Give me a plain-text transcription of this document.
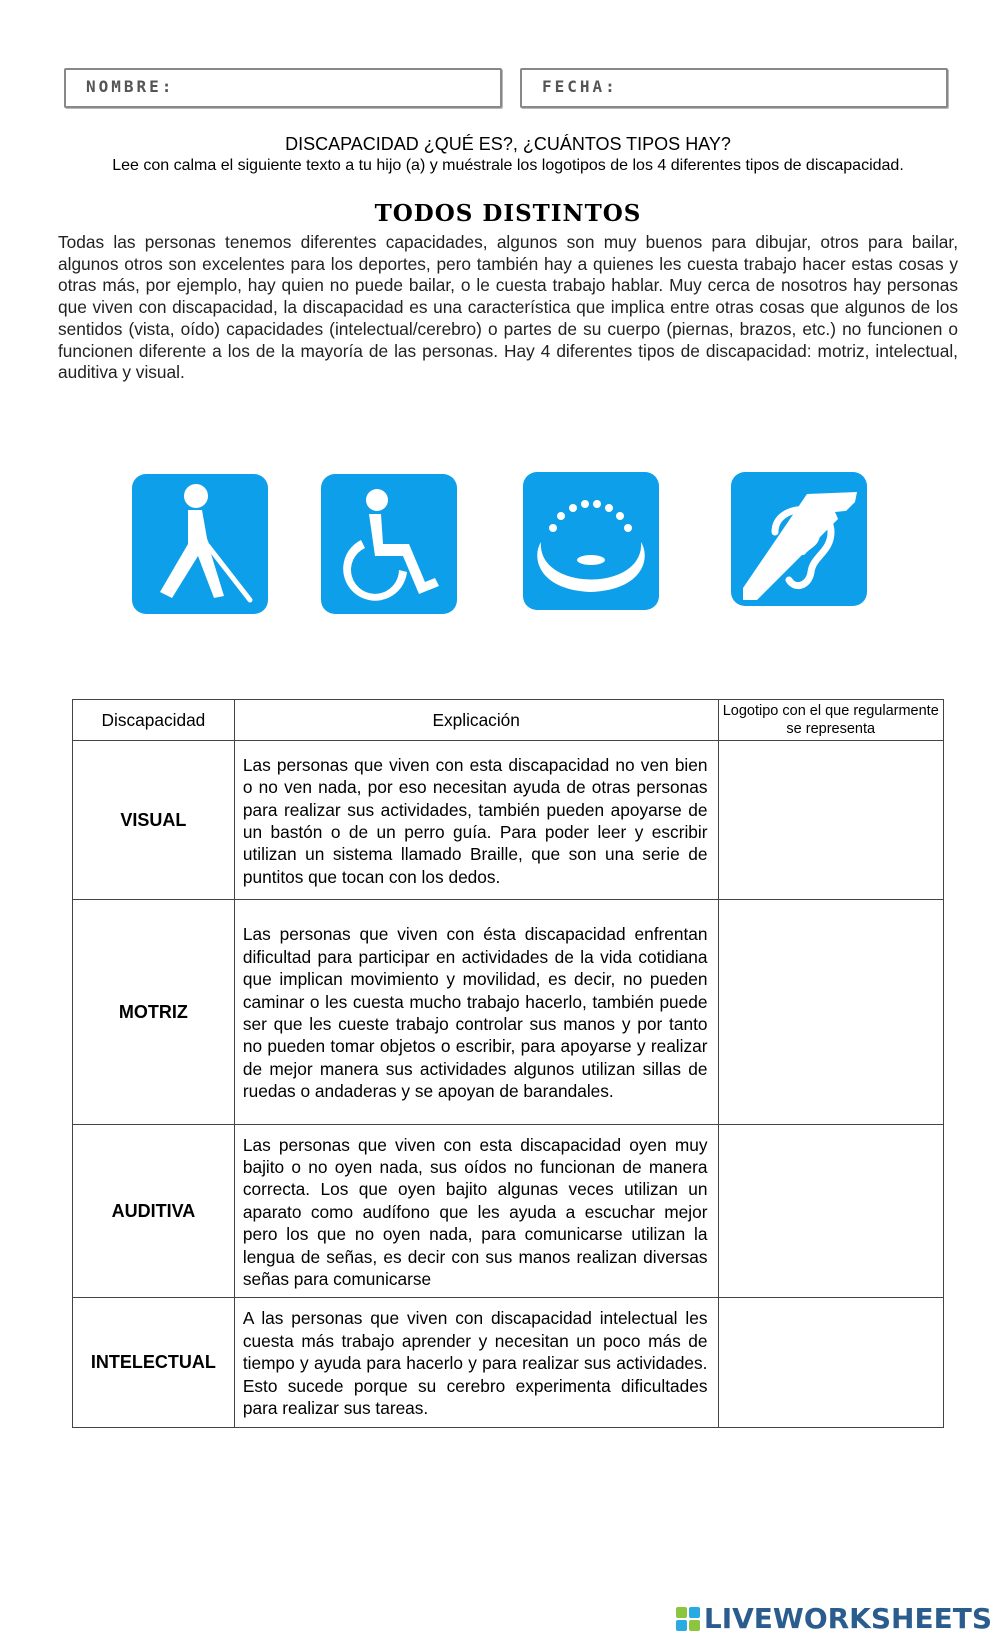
NOMBRE:	FECHA:
DISCAPACIDAD ¿QUÉ ES?, ¿CUÁNTOS TIPOS HAY?
Lee con calma el siguiente texto a tu hijo (a) y muéstrale los logotipos de los 4 diferentes tipos de discapacidad.
TODOS DISTINTOS
Todas las personas tenemos diferentes capacidades, algunos son muy buenos para dibujar, otros para bailar, algunos otros son excelentes para los deportes, pero también hay a quienes les cuesta trabajo hacer estas cosas y otras más, por ejemplo, hay quien no puede bailar, o le cuesta trabajo hablar. Muy cerca de nosotros hay personas que viven con discapacidad, la discapacidad es una característica que implica entre otras cosas que algunos de los sentidos (vista, oído) capacidades (intelectual/cerebro) o partes de su cuerpo (piernas, brazos, etc.) no funcionen o funcionen diferente a los de la mayoría de las personas. Hay 4 diferentes tipos de discapacidad: motriz, intelectual, auditiva y visual.
Discapacidad	Explicación	Logotipo con el que regularmente se representa
VISUAL	Las personas que viven con esta discapacidad no ven bien o no ven nada, por eso necesitan ayuda de otras personas para realizar sus actividades, también pueden apoyarse de un bastón o de un perro guía. Para poder leer y escribir utilizan un sistema llamado Braille, que son una serie de puntitos que tocan con los dedos.	
MOTRIZ	Las personas que viven con ésta discapacidad enfrentan dificultad para participar en actividades de la vida cotidiana que implican movimiento y movilidad, es decir, no pueden caminar o les cuesta mucho trabajo hacerlo, también puede ser que les cueste trabajo controlar sus manos y por tanto no pueden tomar objetos o escribir, para apoyarse y realizar de mejor manera sus actividades algunos utilizan sillas de ruedas o andaderas y se apoyan de barandales.	
AUDITIVA	Las personas que viven con esta discapacidad oyen muy bajito o no oyen nada, sus oídos no funcionan de manera correcta. Los que oyen bajito algunas veces utilizan un aparato como audífono que les ayuda a escuchar mejor pero los que no oyen nada, para comunicarse utilizan la lengua de señas, es decir con sus manos realizan diversas señas para comunicarse	
INTELECTUAL	A las personas que viven con discapacidad intelectual les cuesta más trabajo aprender y necesitan un poco más de tiempo y ayuda para hacerlo y para realizar sus actividades. Esto sucede porque su cerebro experimenta dificultades para realizar sus tareas.	
LIVEWORKSHEETS
